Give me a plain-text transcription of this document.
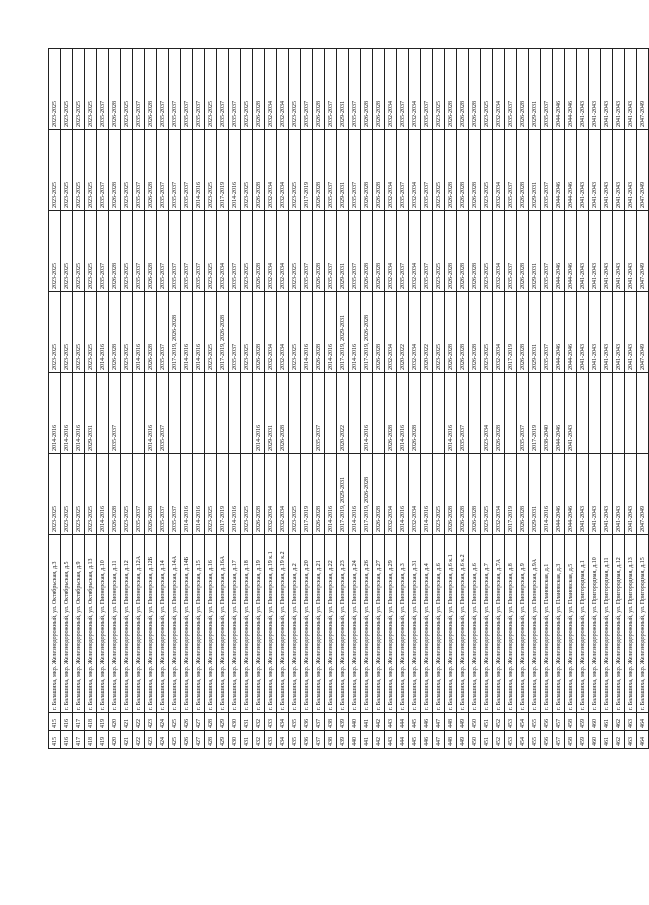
415	415	г. Балашиха, мкр. Железнодорожный, ул. Октябрьская, д.3	2023-2025	2014-2016	2023-2025	2023-2025	2023-2025	2023-2025
416	416	г. Балашиха, мкр. Железнодорожный, ул. Октябрьская, д.5	2023-2025	2014-2016	2023-2025	2023-2025	2023-2025	2023-2025
417	417	г. Балашиха, мкр. Железнодорожный, ул. Октябрьская, д.9	2023-2025	2014-2016	2023-2025	2023-2025	2023-2025	2023-2025
418	418	г. Балашиха, мкр. Железнодорожный, ул. Октябрьская, д.13	2023-2025	2029-2031	2023-2025	2023-2025	2023-2025	2023-2025
419	419	г. Балашиха, мкр. Железнодорожный, ул. Пионерская, д.10	2014-2016		2014-2016	2035-2037	2035-2037	2035-2037
420	420	г. Балашиха, мкр. Железнодорожный, ул. Пионерская, д.11	2026-2028	2035-2037	2026-2028	2026-2028	2026-2028	2026-2028
421	421	г. Балашиха, мкр. Железнодорожный, ул. Пионерская, д.12	2023-2025		2023-2025	2023-2025	2023-2025	2023-2025
422	422	г. Балашиха, мкр. Железнодорожный, ул. Пионерская, д.12А	2035-2037		2014-2016	2035-2037	2035-2037	2035-2037
423	423	г. Балашиха, мкр. Железнодорожный, ул. Пионерская, д.12Б	2026-2028	2014-2016	2026-2028	2026-2028	2026-2028	2026-2028
424	424	г. Балашиха, мкр. Железнодорожный, ул. Пионерская, д.14	2035-2037	2035-2037	2035-2037	2035-2037	2035-2037	2035-2037
425	425	г. Балашиха, мкр. Железнодорожный, ул. Пионерская, д.14А	2035-2037		2017-2019, 2026-2028	2035-2037	2035-2037	2035-2037
426	426	г. Балашиха, мкр. Железнодорожный, ул. Пионерская, д.14Б	2014-2016		2014-2016	2035-2037	2035-2037	2035-2037
427	427	г. Балашиха, мкр. Железнодорожный, ул. Пионерская, д.15	2014-2016		2014-2016	2035-2037	2014-2016	2035-2037
428	428	г. Балашиха, мкр. Железнодорожный, ул. Пионерская, д.16	2023-2025		2023-2025	2023-2025	2023-2025	2023-2025
429	429	г. Балашиха, мкр. Железнодорожный, ул. Пионерская, д.16А	2017-2019		2017-2019, 2026-2028	2032-2034	2017-2019	2035-2037
430	430	г. Балашиха, мкр. Железнодорожный, ул. Пионерская, д.17	2014-2016		2035-2037	2035-2037	2014-2016	2035-2037
431	431	г. Балашиха, мкр. Железнодорожный, ул. Пионерская, д.18	2023-2025		2023-2025	2023-2025	2023-2025	2023-2025
432	432	г. Балашиха, мкр. Железнодорожный, ул. Пионерская, д.19	2026-2028	2014-2016	2026-2028	2026-2028	2026-2028	2026-2028
433	433	г. Балашиха, мкр. Железнодорожный, ул. Пионерская, д.19 к.1	2032-2034	2029-2031	2032-2034	2032-2034	2032-2034	2032-2034
434	434	г. Балашиха, мкр. Железнодорожный, ул. Пионерская, д.19 к.2	2032-2034	2026-2028	2032-2034	2032-2034	2032-2034	2032-2034
435	435	г. Балашиха, мкр. Железнодорожный, ул. Пионерская, д.2	2023-2025		2023-2025	2023-2025	2023-2025	2023-2025
436	436	г. Балашиха, мкр. Железнодорожный, ул. Пионерская, д.20	2017-2019		2014-2016	2035-2037	2017-2019	2035-2037
437	437	г. Балашиха, мкр. Железнодорожный, ул. Пионерская, д.21	2026-2028	2035-2037	2026-2028	2026-2028	2026-2028	2026-2028
438	438	г. Балашиха, мкр. Железнодорожный, ул. Пионерская, д.22	2014-2016		2014-2016	2035-2037	2035-2037	2035-2037
439	439	г. Балашиха, мкр. Железнодорожный, ул. Пионерская, д.23	2017-2019, 2029-2031	2020-2022	2017-2019, 2029-2031	2029-2031	2029-2031	2029-2031
440	440	г. Балашиха, мкр. Железнодорожный, ул. Пионерская, д.24	2014-2016		2014-2016	2035-2037	2035-2037	2035-2037
441	441	г. Балашиха, мкр. Железнодорожный, ул. Пионерская, д.26	2017-2019, 2026-2028	2014-2016	2017-2019, 2026-2028	2026-2028	2026-2028	2026-2028
442	442	г. Балашиха, мкр. Железнодорожный, ул. Пионерская, д.27	2026-2028		2026-2028	2026-2028	2026-2028	2026-2028
443	443	г. Балашиха, мкр. Железнодорожный, ул. Пионерская, д.29	2032-2034	2026-2028	2032-2034	2032-2034	2032-2034	2032-2034
444	444	г. Балашиха, мкр. Железнодорожный, ул. Пионерская, д.3	2014-2016	2014-2016	2020-2022	2035-2037	2035-2037	2035-2037
445	445	г. Балашиха, мкр. Железнодорожный, ул. Пионерская, д.31	2032-2034	2026-2028	2032-2034	2032-2034	2032-2034	2032-2034
446	446	г. Балашиха, мкр. Железнодорожный, ул. Пионерская, д.4	2014-2016		2020-2022	2035-2037	2035-2037	2035-2037
447	447	г. Балашиха, мкр. Железнодорожный, ул. Пионерская, д.6	2023-2025		2023-2025	2023-2025	2023-2025	2023-2025
448	448	г. Балашиха, мкр. Железнодорожный, ул. Пионерская, д.6 к.1	2026-2028	2014-2016	2026-2028	2026-2028	2026-2028	2026-2028
449	449	г. Балашиха, мкр. Железнодорожный, ул. Пионерская, д.6 к.2	2026-2028	2035-2037	2026-2028	2026-2028	2026-2028	2026-2028
450	450	г. Балашиха, мкр. Железнодорожный, ул. Пионерская, д.6	2026-2028		2026-2028	2026-2028	2026-2028	2026-2028
451	451	г. Балашиха, мкр. Железнодорожный, ул. Пионерская, д.7	2023-2025	2023-2034	2023-2025	2023-2025	2023-2025	2023-2025
452	452	г. Балашиха, мкр. Железнодорожный, ул. Пионерская, д.7А	2032-2034	2026-2028	2032-2034	2032-2034	2032-2034	2032-2034
453	453	г. Балашиха, мкр. Железнодорожный, ул. Пионерская, д.8	2017-2019		2017-2019	2035-2037	2035-2037	2035-2037
454	454	г. Балашиха, мкр. Железнодорожный, ул. Пионерская, д.9	2026-2028	2035-2037	2026-2028	2026-2028	2026-2028	2026-2028
455	455	г. Балашиха, мкр. Железнодорожный, ул. Пионерская, д.9А	2029-2031	2017-2019	2029-2031	2029-2031	2029-2031	2029-2031
456	456	г. Балашиха, мкр. Железнодорожный, ул. Плановская, д.1	2014-2016	2038-2040	2035-2037	2035-2037	2035-2037	2035-2037
457	457	г. Балашиха, мкр. Железнодорожный, ул. Плановская, д.3	2044-2046	2044-2046	2044-2046	2044-2046	2044-2046	2044-2046
458	458	г. Балашиха, мкр. Железнодорожный, ул. Плановская, д.5	2044-2046	2041-2043	2044-2046	2044-2046	2044-2046	2044-2046
459	459	г. Балашиха, мкр. Железнодорожный, ул. Пригородная, д.1	2041-2043		2041-2043	2041-2043	2041-2043	2041-2043
460	460	г. Балашиха, мкр. Железнодорожный, ул. Пригородная, д.10	2041-2043		2041-2043	2041-2043	2041-2043	2041-2043
461	461	г. Балашиха, мкр. Железнодорожный, ул. Пригородная, д.11	2041-2043		2041-2043	2041-2043	2041-2043	2041-2043
462	462	г. Балашиха, мкр. Железнодорожный, ул. Пригородная, д.12	2041-2043		2041-2043	2041-2043	2041-2043	2041-2043
463	463	г. Балашиха, мкр. Железнодорожный, ул. Пригородная, д.13	2041-2043		2041-2043	2041-2043	2041-2043	2041-2043
464	464	г. Балашиха, мкр. Железнодорожный, ул. Пригородная, д.15	2047-2049		2047-2049	2047-2049	2047-2049	2047-2049
